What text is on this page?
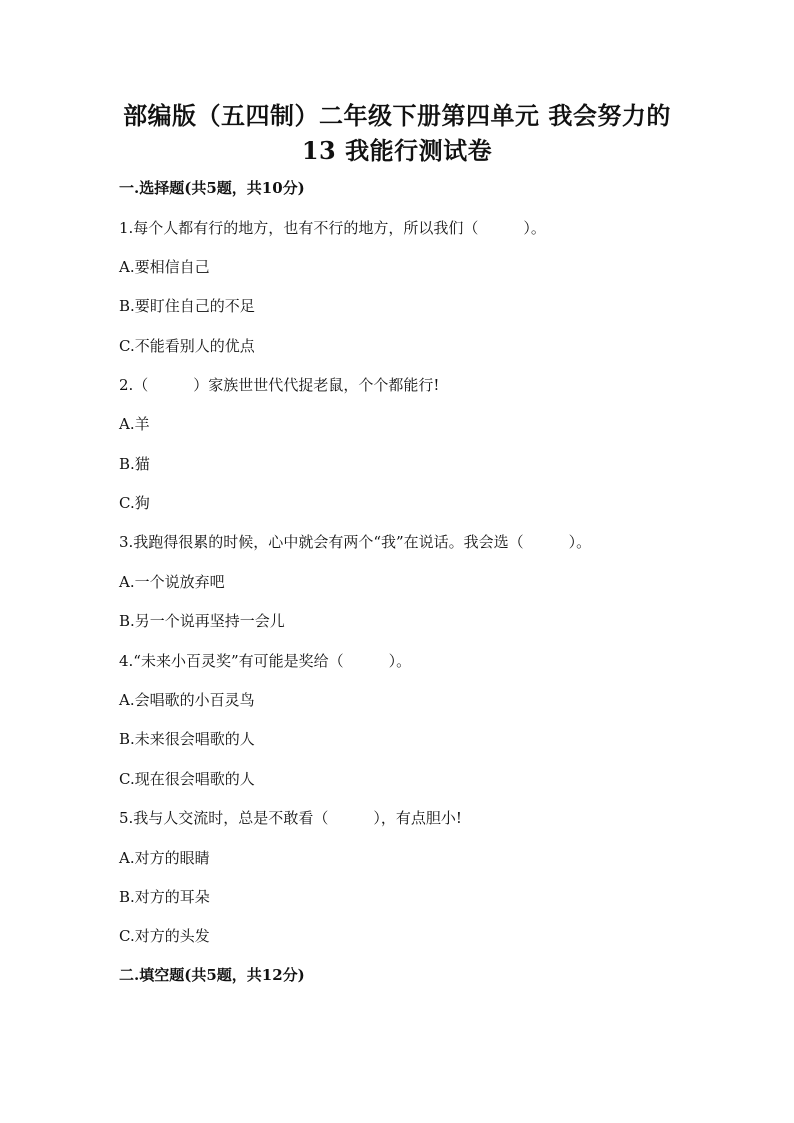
部编版（五四制）二年级下册第四单元 我会努力的
13 我能行测试卷
一.选择题(共5题，共10分)
1.每个人都有行的地方，也有不行的地方，所以我们（　　　）。
A.要相信自己
B.要盯住自己的不足
C.不能看别人的优点
2.（　　　）家族世世代代捉老鼠，个个都能行!
A.羊
B.猫
C.狗
3.我跑得很累的时候，心中就会有两个“我”在说话。我会选（　　　）。
A.一个说放弃吧
B.另一个说再坚持一会儿
4.“未来小百灵奖”有可能是奖给（　　　）。
A.会唱歌的小百灵鸟
B.未来很会唱歌的人
C.现在很会唱歌的人
5.我与人交流时，总是不敢看（　　　），有点胆小!
A.对方的眼睛
B.对方的耳朵
C.对方的头发
二.填空题(共5题，共12分)
